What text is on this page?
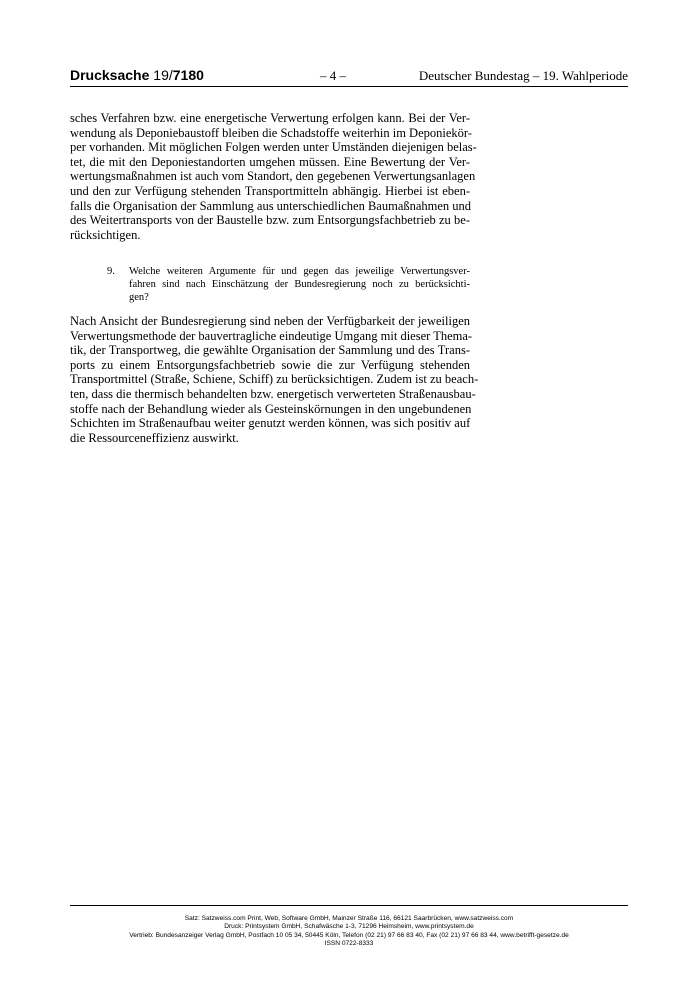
Drucksache 19/7180	– 4 –	Deutscher Bundestag – 19. Wahlperiode
sches Verfahren bzw. eine energetische Verwertung erfolgen kann. Bei der Ver-
wendung als Deponiebaustoff bleiben die Schadstoffe weiterhin im Deponiekör-
per vorhanden. Mit möglichen Folgen werden unter Umständen diejenigen belas-
tet, die mit den Deponiestandorten umgehen müssen. Eine Bewertung der Ver-
wertungsmaßnahmen ist auch vom Standort, den gegebenen Verwertungsanlagen
und den zur Verfügung stehenden Transportmitteln abhängig. Hierbei ist eben-
falls die Organisation der Sammlung aus unterschiedlichen Baumaßnahmen und
des Weitertransports von der Baustelle bzw. zum Entsorgungsfachbetrieb zu be-
rücksichtigen.
9. Welche weiteren Argumente für und gegen das jeweilige Verwertungsver-
fahren sind nach Einschätzung der Bundesregierung noch zu berücksichti-
gen?
Nach Ansicht der Bundesregierung sind neben der Verfügbarkeit der jeweiligen
Verwertungsmethode der bauvertragliche eindeutige Umgang mit dieser Thema-
tik, der Transportweg, die gewählte Organisation der Sammlung und des Trans-
ports zu einem Entsorgungsfachbetrieb sowie die zur Verfügung stehenden
Transportmittel (Straße, Schiene, Schiff) zu berücksichtigen. Zudem ist zu beach-
ten, dass die thermisch behandelten bzw. energetisch verwerteten Straßenausbau-
stoffe nach der Behandlung wieder als Gesteinskörnungen in den ungebundenen
Schichten im Straßenaufbau weiter genutzt werden können, was sich positiv auf
die Ressourceneffizienz auswirkt.
Satz: Satzweiss.com Print, Web, Software GmbH, Mainzer Straße 116, 66121 Saarbrücken, www.satzweiss.com
Druck: Printsystem GmbH, Schafwäsche 1-3, 71296 Heimsheim, www.printsystem.de
Vertrieb: Bundesanzeiger Verlag GmbH, Postfach 10 05 34, 50445 Köln, Telefon (02 21) 97 66 83 40, Fax (02 21) 97 66 83 44, www.betrifft-gesetze.de
ISSN 0722-8333
